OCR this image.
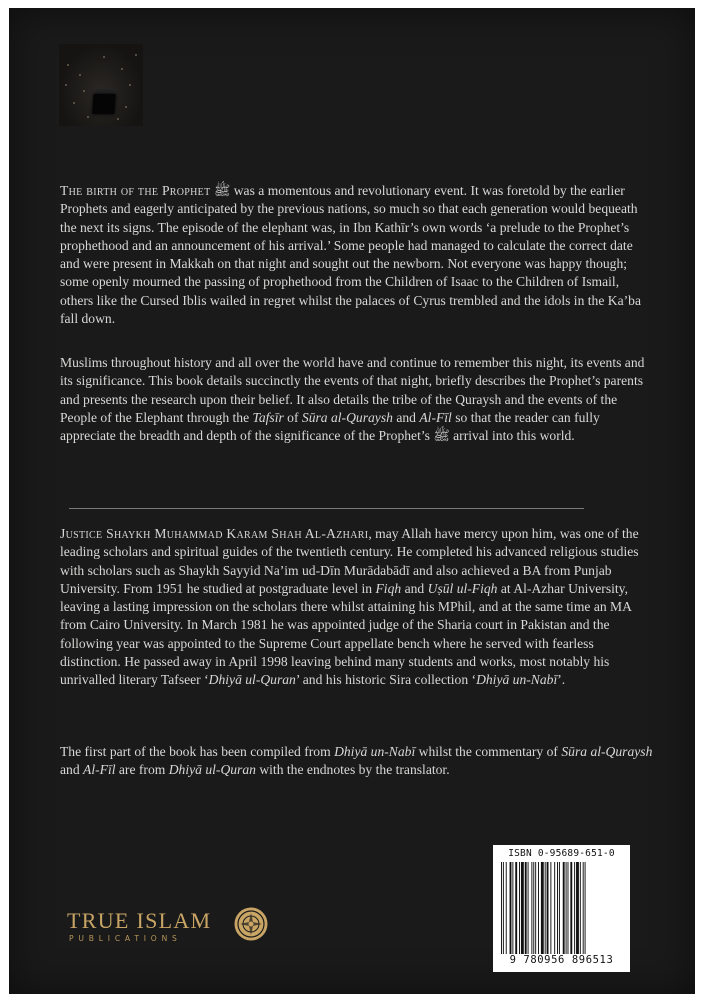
The birth of the Prophet ﷺ was a momentous and revolutionary event. It was foretold by the earlier Prophets and eagerly anticipated by the previous nations, so much so that each generation would bequeath the next its signs. The episode of the elephant was, in Ibn Kathīr’s own words ‘a prelude to the Prophet’s prophethood and an announcement of his arrival.’ Some people had managed to calculate the correct date and were present in Makkah on that night and sought out the newborn. Not everyone was happy though; some openly mourned the passing of prophethood from the Children of Isaac to the Children of Ismail, others like the Cursed Iblis wailed in regret whilst the palaces of Cyrus trembled and the idols in the Ka’ba fall down.

Muslims throughout history and all over the world have and continue to remember this night, its events and its significance. This book details succinctly the events of that night, briefly describes the Prophet’s parents and presents the research upon their belief. It also details the tribe of the Quraysh and the events of the People of the Elephant through the Tafsīr of Sūra al-Quraysh and Al-Fīl so that the reader can fully appreciate the breadth and depth of the significance of the Prophet’s ﷺ arrival into this world.

Justice Shaykh Muhammad Karam Shah Al-Azhari, may Allah have mercy upon him, was one of the leading scholars and spiritual guides of the twentieth century. He completed his advanced religious studies with scholars such as Shaykh Sayyid Na’im ud-Dīn Murādabādī and also achieved a BA from Punjab University. From 1951 he studied at postgraduate level in Fiqh and Uṣūl ul-Fiqh at Al-Azhar University, leaving a lasting impression on the scholars there whilst attaining his MPhil, and at the same time an MA from Cairo University. In March 1981 he was appointed judge of the Sharia court in Pakistan and the following year was appointed to the Supreme Court appellate bench where he served with fearless distinction. He passed away in April 1998 leaving behind many students and works, most notably his unrivalled literary Tafseer ‘Dhiyā ul-Quran’ and his historic Sira collection ‘Dhiyā un-Nabī’.

The first part of the book has been compiled from Dhiyā un-Nabī whilst the commentary of Sūra al-Quraysh and Al-Fīl are from Dhiyā ul-Quran with the endnotes by the translator.

ISBN 0-95689-651-0
9 780956 896513
TRUE ISLAM
PUBLICATIONS
